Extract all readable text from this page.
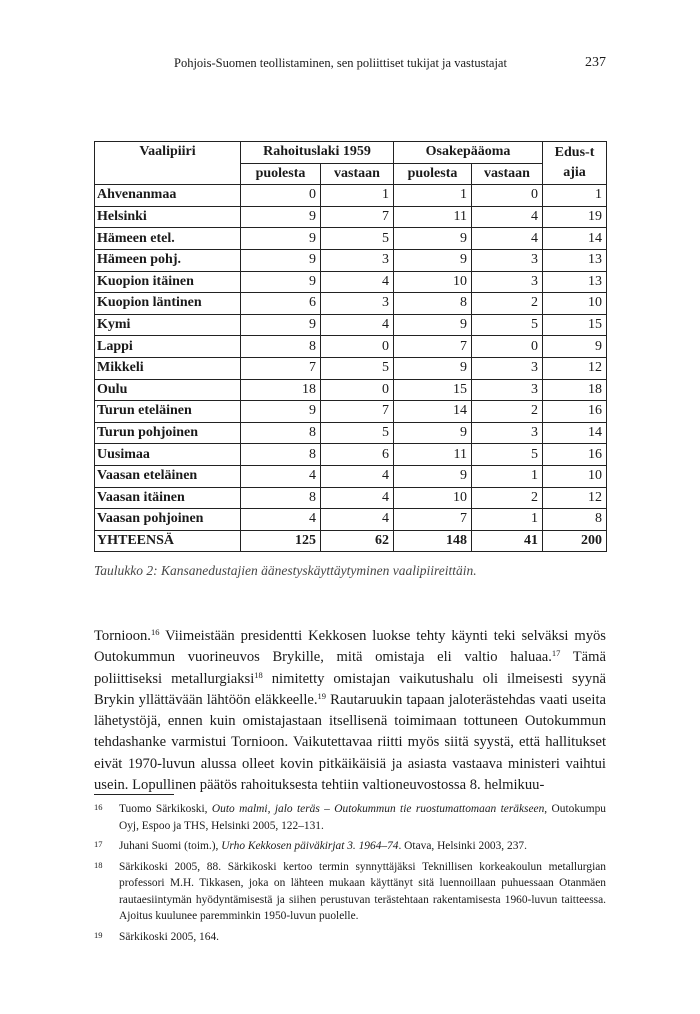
Pohjois-Suomen teollistaminen, sen poliittiset tukijat ja vastustajat	237
Vaalipiiri	Rahoituslaki 1959		Osakepääoma		Edus-tajia

	puolesta	vastaan	puolesta	vastaan	
Ahvenanmaa	0	1	1	0	1
Helsinki	9	7	11	4	19
Hämeen etel.	9	5	9	4	14
Hämeen pohj.	9	3	9	3	13
Kuopion itäinen	9	4	10	3	13
Kuopion läntinen	6	3	8	2	10
Kymi	9	4	9	5	15
Lappi	8	0	7	0	9
Mikkeli	7	5	9	3	12
Oulu	18	0	15	3	18
Turun eteläinen	9	7	14	2	16
Turun pohjoinen	8	5	9	3	14
Uusimaa	8	6	11	5	16
Vaasan eteläinen	4	4	9	1	10
Vaasan itäinen	8	4	10	2	12
Vaasan pohjoinen	4	4	7	1	8
YHTEENSÄ	125	62	148	41	200
Taulukko 2: Kansanedustajien äänestyskäyttäytyminen vaalipiireittäin.

Tornioon.$^{16}$ Viimeistään presidentti Kekkosen luokse tehty käynti teki selväksi myös Outokummun vuorineuvos Brykille, mitä omistaja eli valtio haluaa.$^{17}$ Tämä poliittiseksi metallurgiaksi$^{18}$ nimitetty omistajan vaikutushalu oli ilmeisesti syynä Brykin yllättävään lähtöön eläkkeelle.$^{19}$ Rautaruukin tapaan jaloterästehdas vaati useita lähetystöjä, ennen kuin omistajastaan itsellisenä toimimaan tottuneen Outokummun tehdashanke varmistui Tornioon. Vaikutettavaa riitti myös siitä syystä, että hallitukset eivät 1970-luvun alussa olleet kovin pitkäikäisiä ja asiasta vastaava ministeri vaihtui usein. Lopullinen päätös rahoituksesta tehtiin valtioneuvostossa 8. helmikuu-

16 Tuomo Särkikoski, Outo malmi, jalo teräs – Outokummun tie ruostumattomaan teräkseen, Outokumpu Oyj, Espoo ja THS, Helsinki 2005, 122–131.
17 Juhani Suomi (toim.), Urho Kekkosen päiväkirjat 3. 1964–74. Otava, Helsinki 2003, 237.
18 Särkikoski 2005, 88. Särkikoski kertoo termin synnyttäjäksi Teknillisen korkeakoulun metallurgian professori M.H. Tikkasen, joka on lähteen mukaan käyttänyt sitä luennoillaan puhuessaan Otanmäen rautaesiintymän hyödyntämisestä ja siihen perustuvan terästehtaan rakentamisesta 1960-luvun taitteessa. Ajoitus kuulunee paremminkin 1950-luvun puolelle.
19 Särkikoski 2005, 164.
